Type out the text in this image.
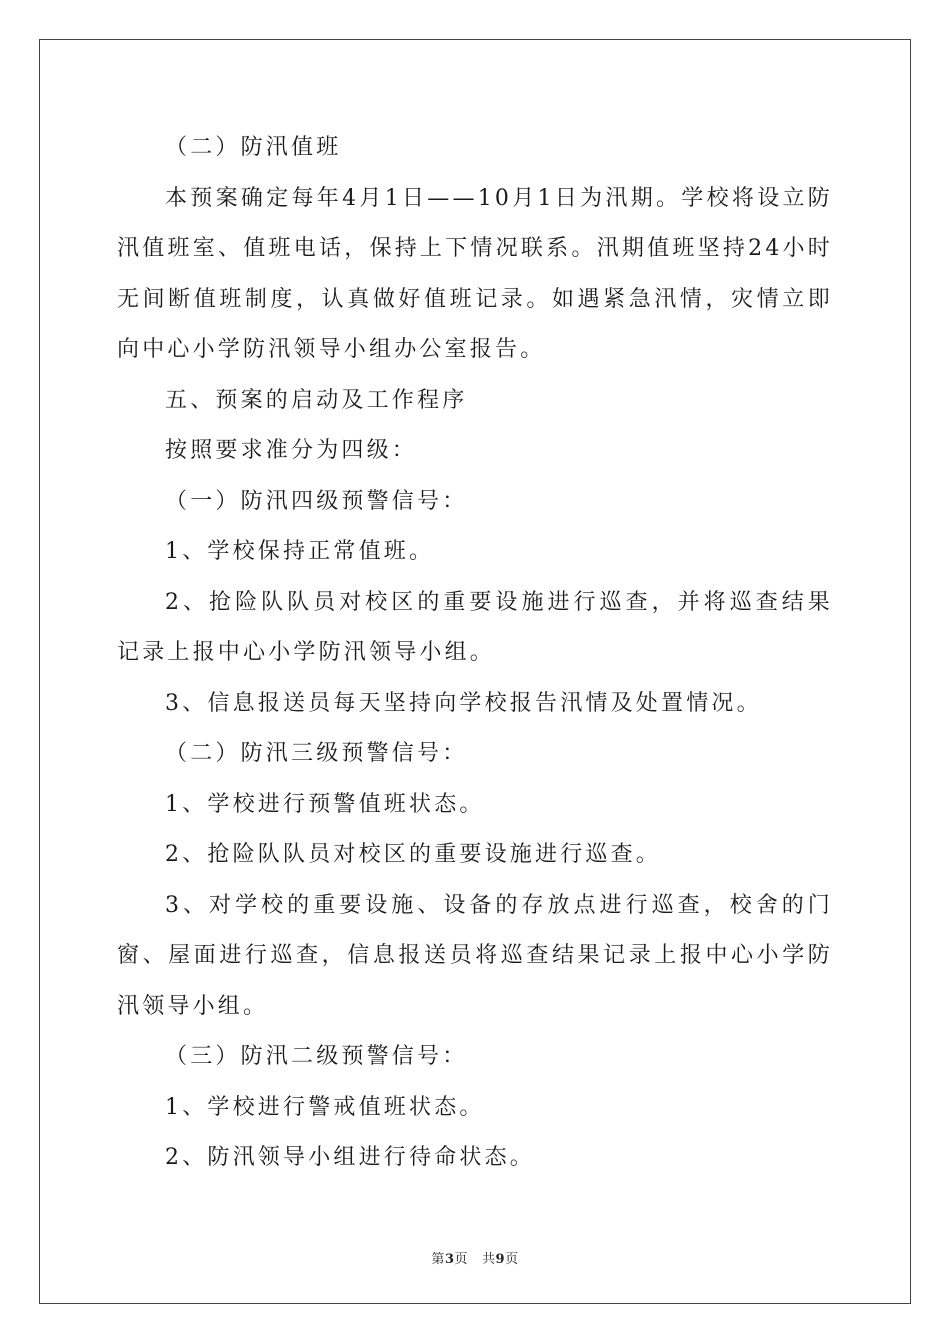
（二）防汛值班

本预案确定每年4月1日——10月1日为汛期。学校将设立防汛值班室、值班电话，保持上下情况联系。汛期值班坚持24小时无间断值班制度，认真做好值班记录。如遇紧急汛情，灾情立即向中心小学防汛领导小组办公室报告。

五、预案的启动及工作程序

按照要求准分为四级：

（一）防汛四级预警信号：

1、学校保持正常值班。

2、抢险队队员对校区的重要设施进行巡查，并将巡查结果记录上报中心小学防汛领导小组。

3、信息报送员每天坚持向学校报告汛情及处置情况。

（二）防汛三级预警信号：

1、学校进行预警值班状态。

2、抢险队队员对校区的重要设施进行巡查。

3、对学校的重要设施、设备的存放点进行巡查，校舍的门窗、屋面进行巡查，信息报送员将巡查结果记录上报中心小学防汛领导小组。

（三）防汛二级预警信号：

1、学校进行警戒值班状态。

2、防汛领导小组进行待命状态。

第3页 共9页
